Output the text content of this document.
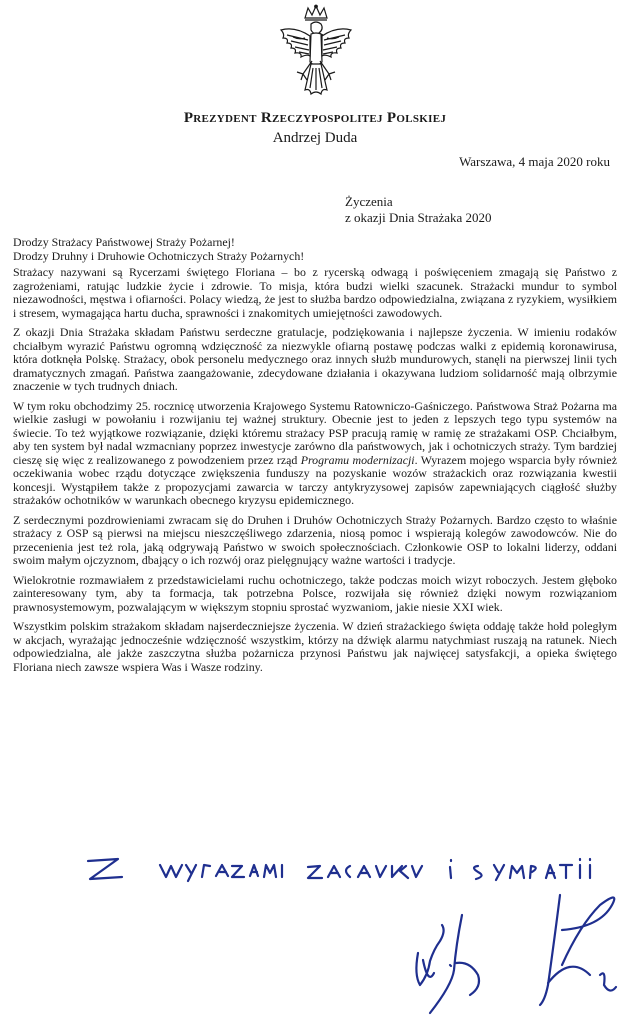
Prezydent Rzeczypospolitej Polskiej
Andrzej Duda

Warszawa, 4 maja 2020 roku

Życzenia
z okazji Dnia Strażaka 2020

Drodzy Strażacy Państwowej Straży Pożarnej!
Drodzy Druhny i Druhowie Ochotniczych Straży Pożarnych!

Strażacy nazywani są Rycerzami świętego Floriana – bo z rycerską odwagą i poświęceniem zmagają się Państwo z zagrożeniami, ratując ludzkie życie i zdrowie. To misja, która budzi wielki szacunek. Strażacki mundur to symbol niezawodności, męstwa i ofiarności. Polacy wiedzą, że jest to służba bardzo odpowiedzialna, związana z ryzykiem, wysiłkiem i stresem, wymagająca hartu ducha, sprawności i znakomitych umiejętności zawodowych.

Z okazji Dnia Strażaka składam Państwu serdeczne gratulacje, podziękowania i najlepsze życzenia. W imieniu rodaków chciałbym wyrazić Państwu ogromną wdzięczność za niezwykle ofiarną postawę podczas walki z epidemią koronawirusa, która dotknęła Polskę. Strażacy, obok personelu medycznego oraz innych służb mundurowych, stanęli na pierwszej linii tych dramatycznych zmagań. Państwa zaangażowanie, zdecydowane działania i okazywana ludziom solidarność mają olbrzymie znaczenie w tych trudnych dniach.

W tym roku obchodzimy 25. rocznicę utworzenia Krajowego Systemu Ratowniczo-Gaśniczego. Państwowa Straż Pożarna ma wielkie zasługi w powołaniu i rozwijaniu tej ważnej struktury. Obecnie jest to jeden z lepszych tego typu systemów na świecie. To też wyjątkowe rozwiązanie, dzięki któremu strażacy PSP pracują ramię w ramię ze strażakami OSP. Chciałbym, aby ten system był nadal wzmacniany poprzez inwestycje zarówno dla państwowych, jak i ochotniczych straży. Tym bardziej cieszę się więc z realizowanego z powodzeniem przez rząd Programu modernizacji. Wyrazem mojego wsparcia były również oczekiwania wobec rządu dotyczące zwiększenia funduszy na pozyskanie wozów strażackich oraz rozwiązania kwestii koncesji. Wystąpiłem także z propozycjami zawarcia w tarczy antykryzysowej zapisów zapewniających ciągłość służby strażaków ochotników w warunkach obecnego kryzysu epidemicznego.

Z serdecznymi pozdrowieniami zwracam się do Druhen i Druhów Ochotniczych Straży Pożarnych. Bardzo często to właśnie strażacy z OSP są pierwsi na miejscu nieszczęśliwego zdarzenia, niosą pomoc i wspierają kolegów zawodowców. Nie do przecenienia jest też rola, jaką odgrywają Państwo w swoich społecznościach. Członkowie OSP to lokalni liderzy, oddani swoim małym ojczyznom, dbający o ich rozwój oraz pielęgnujący ważne wartości i tradycje.

Wielokrotnie rozmawiałem z przedstawicielami ruchu ochotniczego, także podczas moich wizyt roboczych. Jestem głęboko zainteresowany tym, aby ta formacja, tak potrzebna Polsce, rozwijała się również dzięki nowym rozwiązaniom prawnosystemowym, pozwalającym w większym stopniu sprostać wyzwaniom, jakie niesie XXI wiek.

Wszystkim polskim strażakom składam najserdeczniejsze życzenia. W dzień strażackiego święta oddaję także hołd poległym w akcjach, wyrażając jednocześnie wdzięczność wszystkim, którzy na dźwięk alarmu natychmiast ruszają na ratunek. Niech odpowiedzialna, ale jakże zaszczytna służba pożarnicza przynosi Państwu jak najwięcej satysfakcji, a opieka świętego Floriana niech zawsze wspiera Was i Wasze rodziny.
